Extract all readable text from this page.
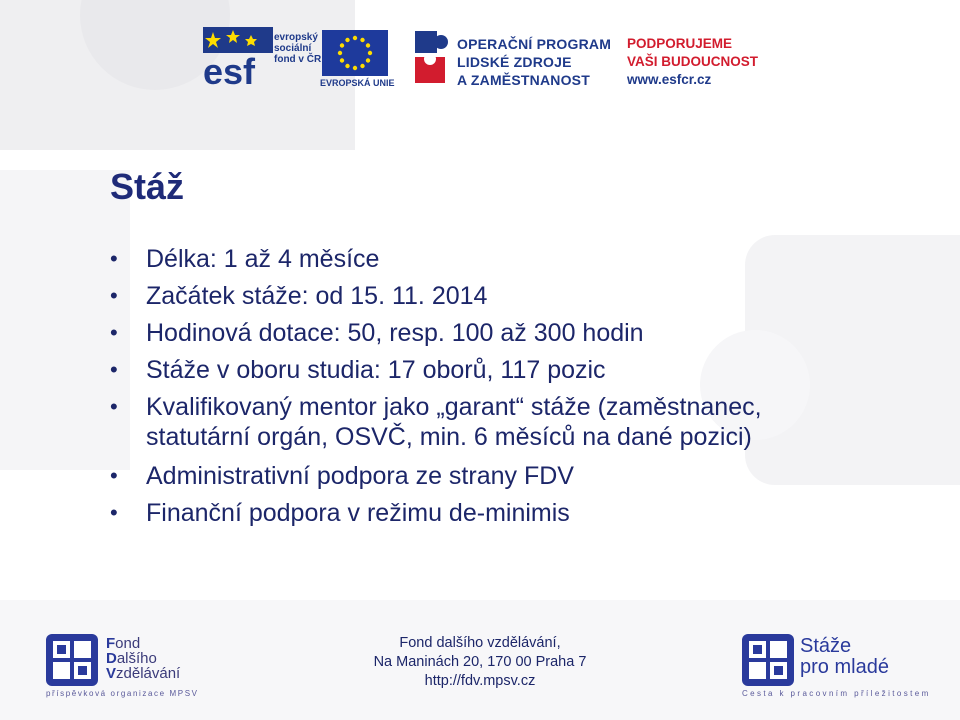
esf
evropský
sociální
fond v ČR
EVROPSKÁ UNIE
OPERAČNÍ PROGRAM
LIDSKÉ ZDROJE
A ZAMĚSTNANOST
PODPORUJEME
VAŠI BUDOUCNOST
www.esfcr.cz
Stáž
•	Délka: 1 až 4 měsíce
•	Začátek stáže: od 15. 11. 2014
•	Hodinová dotace: 50, resp. 100 až 300 hodin
•	Stáže v oboru studia: 17 oborů, 117 pozic
•	Kvalifikovaný mentor jako „garant“ stáže (zaměstnanec, statutární orgán, OSVČ, min. 6 měsíců na dané pozici)
•	Administrativní podpora ze strany FDV
•	Finanční podpora v režimu de-minimis
Fond
Dalšího
Vzdělávání
příspěvková organizace MPSV
Fond dalšího vzdělávání,
Na Maninách 20, 170 00 Praha 7
http://fdv.mpsv.cz
Stáže
pro mladé
Cesta k pracovním příležitostem
